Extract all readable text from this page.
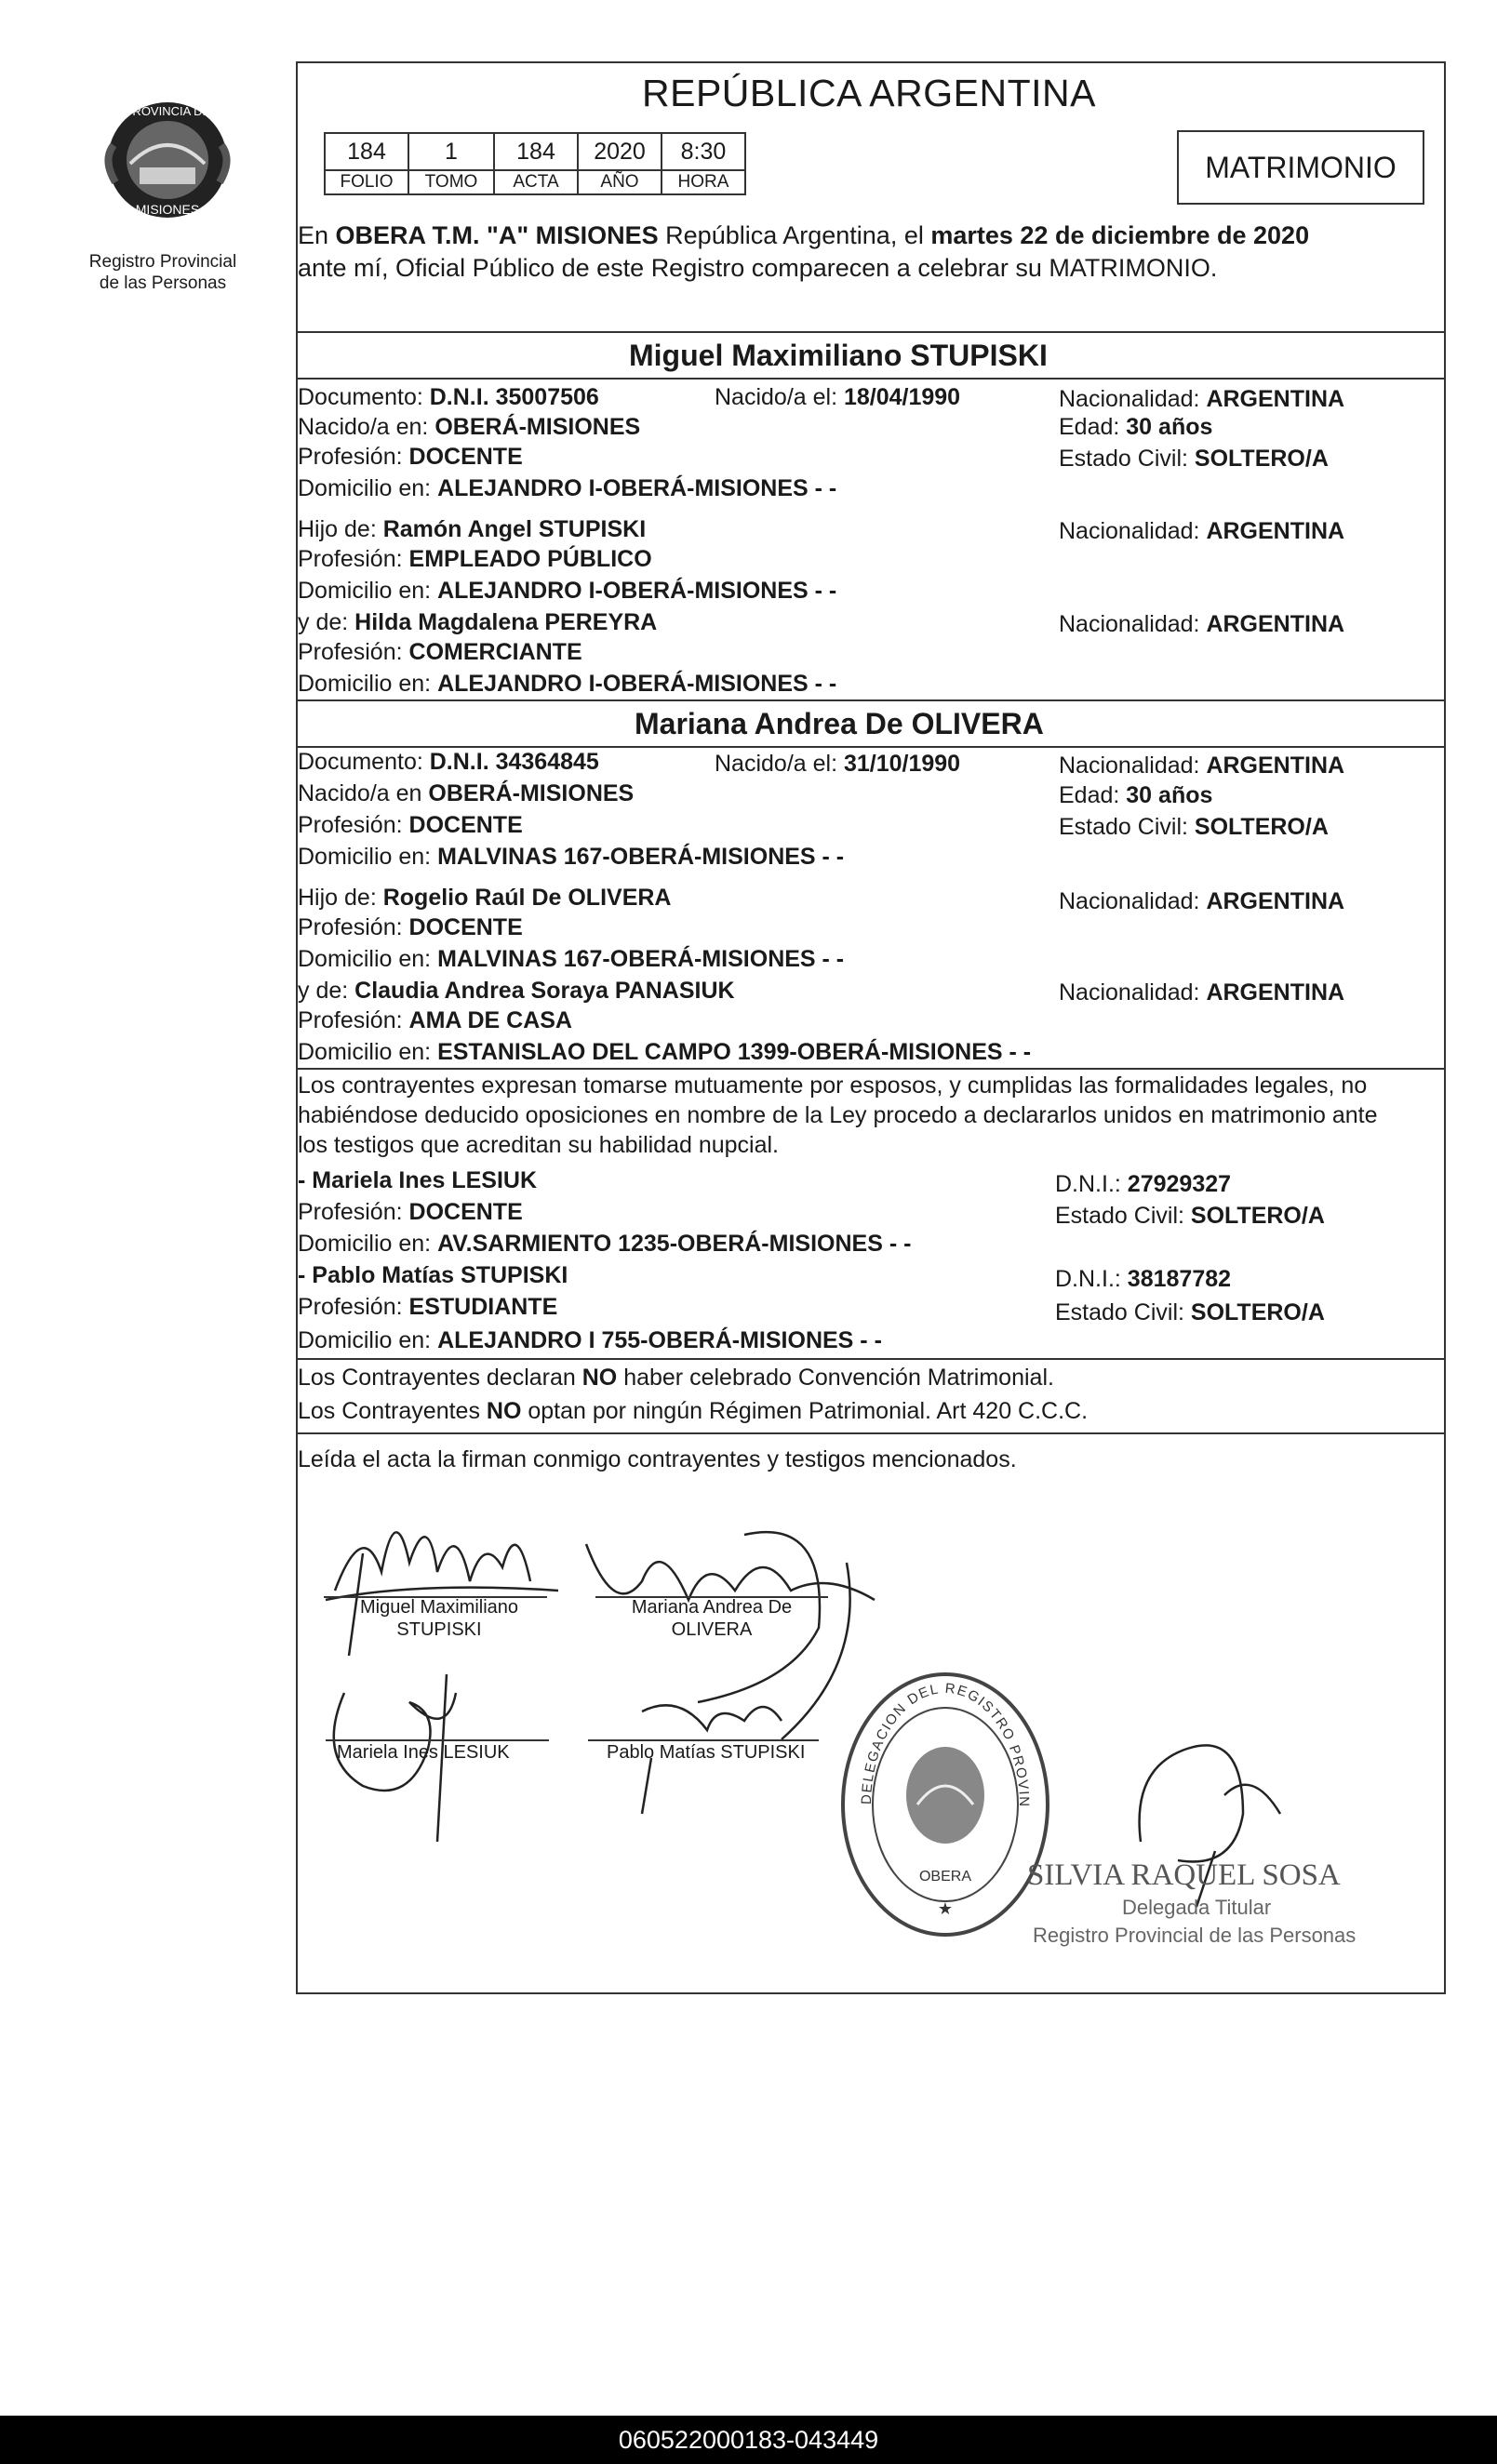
PROVINCIA DE
MISIONES
Registro Provincial
de las Personas
REPÚBLICA ARGENTINA
184	1	184	2020	8:30
FOLIO	TOMO	ACTA	AÑO	HORA	MATRIMONIO
En OBERA T.M. "A" MISIONES República Argentina, el martes 22 de diciembre de 2020
ante mí, Oficial Público de este Registro comparecen a celebrar su MATRIMONIO.
Miguel Maximiliano STUPISKI
Documento: D.N.I. 35007506	Nacido/a el: 18/04/1990	Nacionalidad: ARGENTINA
Nacido/a en: OBERÁ-MISIONES	Edad: 30 años
Profesión: DOCENTE	Estado Civil: SOLTERO/A
Domicilio en: ALEJANDRO I-OBERÁ-MISIONES - -
Hijo de: Ramón Angel STUPISKI	Nacionalidad: ARGENTINA
Profesión: EMPLEADO PÚBLICO
Domicilio en: ALEJANDRO I-OBERÁ-MISIONES - -
y de: Hilda Magdalena PEREYRA	Nacionalidad: ARGENTINA
Profesión: COMERCIANTE
Domicilio en: ALEJANDRO I-OBERÁ-MISIONES - -
Mariana Andrea De OLIVERA
Documento: D.N.I. 34364845	Nacido/a el: 31/10/1990	Nacionalidad: ARGENTINA
Nacido/a en OBERÁ-MISIONES	Edad: 30 años
Profesión: DOCENTE	Estado Civil: SOLTERO/A
Domicilio en: MALVINAS 167-OBERÁ-MISIONES - -
Hijo de: Rogelio Raúl De OLIVERA	Nacionalidad: ARGENTINA
Profesión: DOCENTE
Domicilio en: MALVINAS 167-OBERÁ-MISIONES - -
y de: Claudia Andrea Soraya PANASIUK	Nacionalidad: ARGENTINA
Profesión: AMA DE CASA
Domicilio en: ESTANISLAO DEL CAMPO 1399-OBERÁ-MISIONES - -
Los contrayentes expresan tomarse mutuamente por esposos, y cumplidas las formalidades legales, no
habiéndose deducido oposiciones en nombre de la Ley procedo a declararlos unidos en matrimonio ante
los testigos que acreditan su habilidad nupcial.
- Mariela Ines LESIUK	D.N.I.: 27929327
Profesión: DOCENTE	Estado Civil: SOLTERO/A
Domicilio en: AV.SARMIENTO 1235-OBERÁ-MISIONES - -
- Pablo Matías STUPISKI	D.N.I.: 38187782
Profesión: ESTUDIANTE	Estado Civil: SOLTERO/A
Domicilio en: ALEJANDRO I 755-OBERÁ-MISIONES - -
Los Contrayentes declaran NO haber celebrado Convención Matrimonial.
Los Contrayentes NO optan por ningún Régimen Patrimonial. Art 420 C.C.C.
Leída el acta la firman conmigo contrayentes y testigos mencionados.
Miguel Maximiliano
STUPISKI
Mariana Andrea De
OLIVERA
Mariela Ines LESIUK	Pablo Matías STUPISKI
DELEGACION DEL REGISTRO PROVIN
OBERA
★
SILVIA RAQUEL SOSA
Delegada Titular
Registro Provincial de las Personas
060522000183-043449
